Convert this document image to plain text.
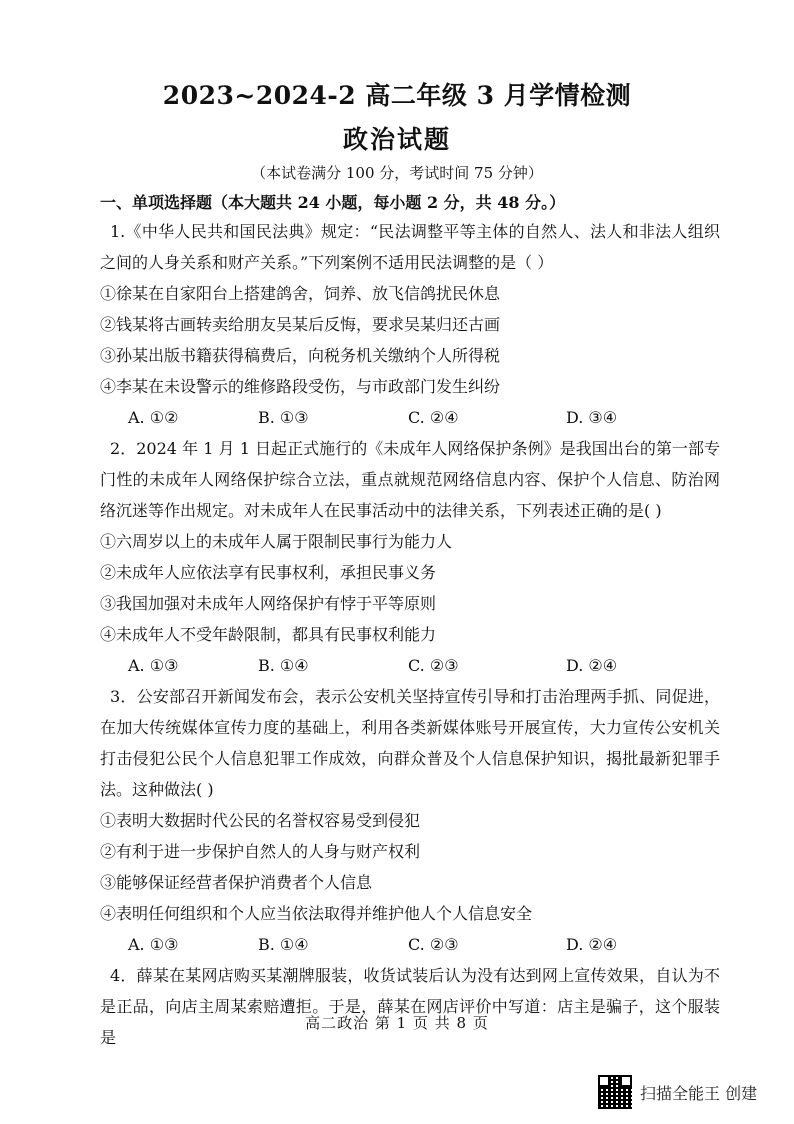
2023~2024-2 高二年级 3 月学情检测
政治试题
（本试卷满分 100 分，考试时间 75 分钟）
一、单项选择题（本大题共 24 小题，每小题 2 分，共 48 分。）
1.《中华人民共和国民法典》规定：“民法调整平等主体的自然人、法人和非法人组织之间的人身关系和财产关系。”下列案例不适用民法调整的是（ ）
①徐某在自家阳台上搭建鸽舍，饲养、放飞信鸽扰民休息
②钱某将古画转卖给朋友吴某后反悔，要求吴某归还古画
③孙某出版书籍获得稿费后，向税务机关缴纳个人所得税
④李某在未设警示的维修路段受伤，与市政部门发生纠纷
A. ①②	B. ①③	C. ②④	D. ③④
2．2024 年 1 月 1 日起正式施行的《未成年人网络保护条例》是我国出台的第一部专门性的未成年人网络保护综合立法，重点就规范网络信息内容、保护个人信息、防治网络沉迷等作出规定。对未成年人在民事活动中的法律关系，下列表述正确的是( )
①六周岁以上的未成年人属于限制民事行为能力人
②未成年人应依法享有民事权利，承担民事义务
③我国加强对未成年人网络保护有悖于平等原则
④未成年人不受年龄限制，都具有民事权利能力
A. ①③	B. ①④	C. ②③	D. ②④
3．公安部召开新闻发布会，表示公安机关坚持宣传引导和打击治理两手抓、同促进，在加大传统媒体宣传力度的基础上，利用各类新媒体账号开展宣传，大力宣传公安机关打击侵犯公民个人信息犯罪工作成效，向群众普及个人信息保护知识，揭批最新犯罪手法。这种做法( )
①表明大数据时代公民的名誉权容易受到侵犯
②有利于进一步保护自然人的人身与财产权利
③能够保证经营者保护消费者个人信息
④表明任何组织和个人应当依法取得并维护他人个人信息安全
A. ①③	B. ①④	C. ②③	D. ②④
4．薛某在某网店购买某潮牌服装，收货试装后认为没有达到网上宣传效果，自认为不是正品，向店主周某索赔遭拒。于是，薛某在网店评价中写道：店主是骗子，这个服装是
高二政治 第 1 页 共 8 页
扫描全能王 创建
